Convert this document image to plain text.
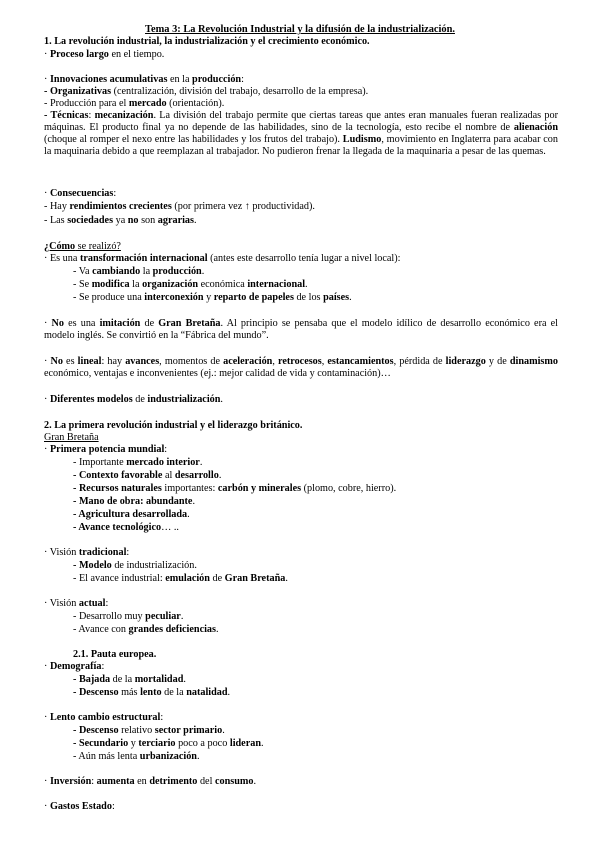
Tema 3: La Revolución Industrial y la difusión de la industrialización.
1. La revolución industrial, la industrialización y el crecimiento económico.
· Proceso largo en el tiempo.
· Innovaciones acumulativas en la producción:
- Organizativas (centralización, división del trabajo, desarrollo de la empresa).
- Producción para el mercado (orientación).
- Técnicas: mecanización. La división del trabajo permite que ciertas tareas que antes eran manuales fueran realizadas por máquinas. El producto final ya no depende de las habilidades, sino de la tecnología, esto recibe el nombre de alienación (choque al romper el nexo entre las habilidades y los frutos del trabajo). Ludismo, movimiento en Inglaterra para acabar con la maquinaria debido a que reemplazan al trabajador. No pudieron frenar la llegada de la maquinaria a pesar de las quemas.
· Consecuencias:
- Hay rendimientos crecientes (por primera vez ↑ productividad).
- Las sociedades ya no son agrarias.
¿Cómo se realizó?
· Es una transformación internacional (antes este desarrollo tenía lugar a nivel local):
- Va cambiando la producción.
- Se modifica la organización económica internacional.
- Se produce una interconexión y reparto de papeles de los países.
· No es una imitación de Gran Bretaña. Al principio se pensaba que el modelo idílico de desarrollo económico era el modelo inglés. Se convirtió en la “Fábrica del mundo”.
· No es lineal: hay avances, momentos de aceleración, retrocesos, estancamientos, pérdida de liderazgo y de dinamismo económico, ventajas e inconvenientes (ej.: mejor calidad de vida y contaminación)…
· Diferentes modelos de industrialización.
2. La primera revolución industrial y el liderazgo británico.
Gran Bretaña
· Primera potencia mundial:
- Importante mercado interior.
- Contexto favorable al desarrollo.
- Recursos naturales importantes: carbón y minerales (plomo, cobre, hierro).
- Mano de obra: abundante.
- Agricultura desarrollada.
- Avance tecnológico… ..
· Visión tradicional:
- Modelo de industrialización.
- El avance industrial: emulación de Gran Bretaña.
· Visión actual:
- Desarrollo muy peculiar.
- Avance con grandes deficiencias.
2.1. Pauta europea.
· Demografía:
- Bajada de la mortalidad.
- Descenso más lento de la natalidad.
· Lento cambio estructural:
- Descenso relativo sector primario.
- Secundario y terciario poco a poco lideran.
- Aún más lenta urbanización.
· Inversión: aumenta en detrimento del consumo.
· Gastos Estado:
